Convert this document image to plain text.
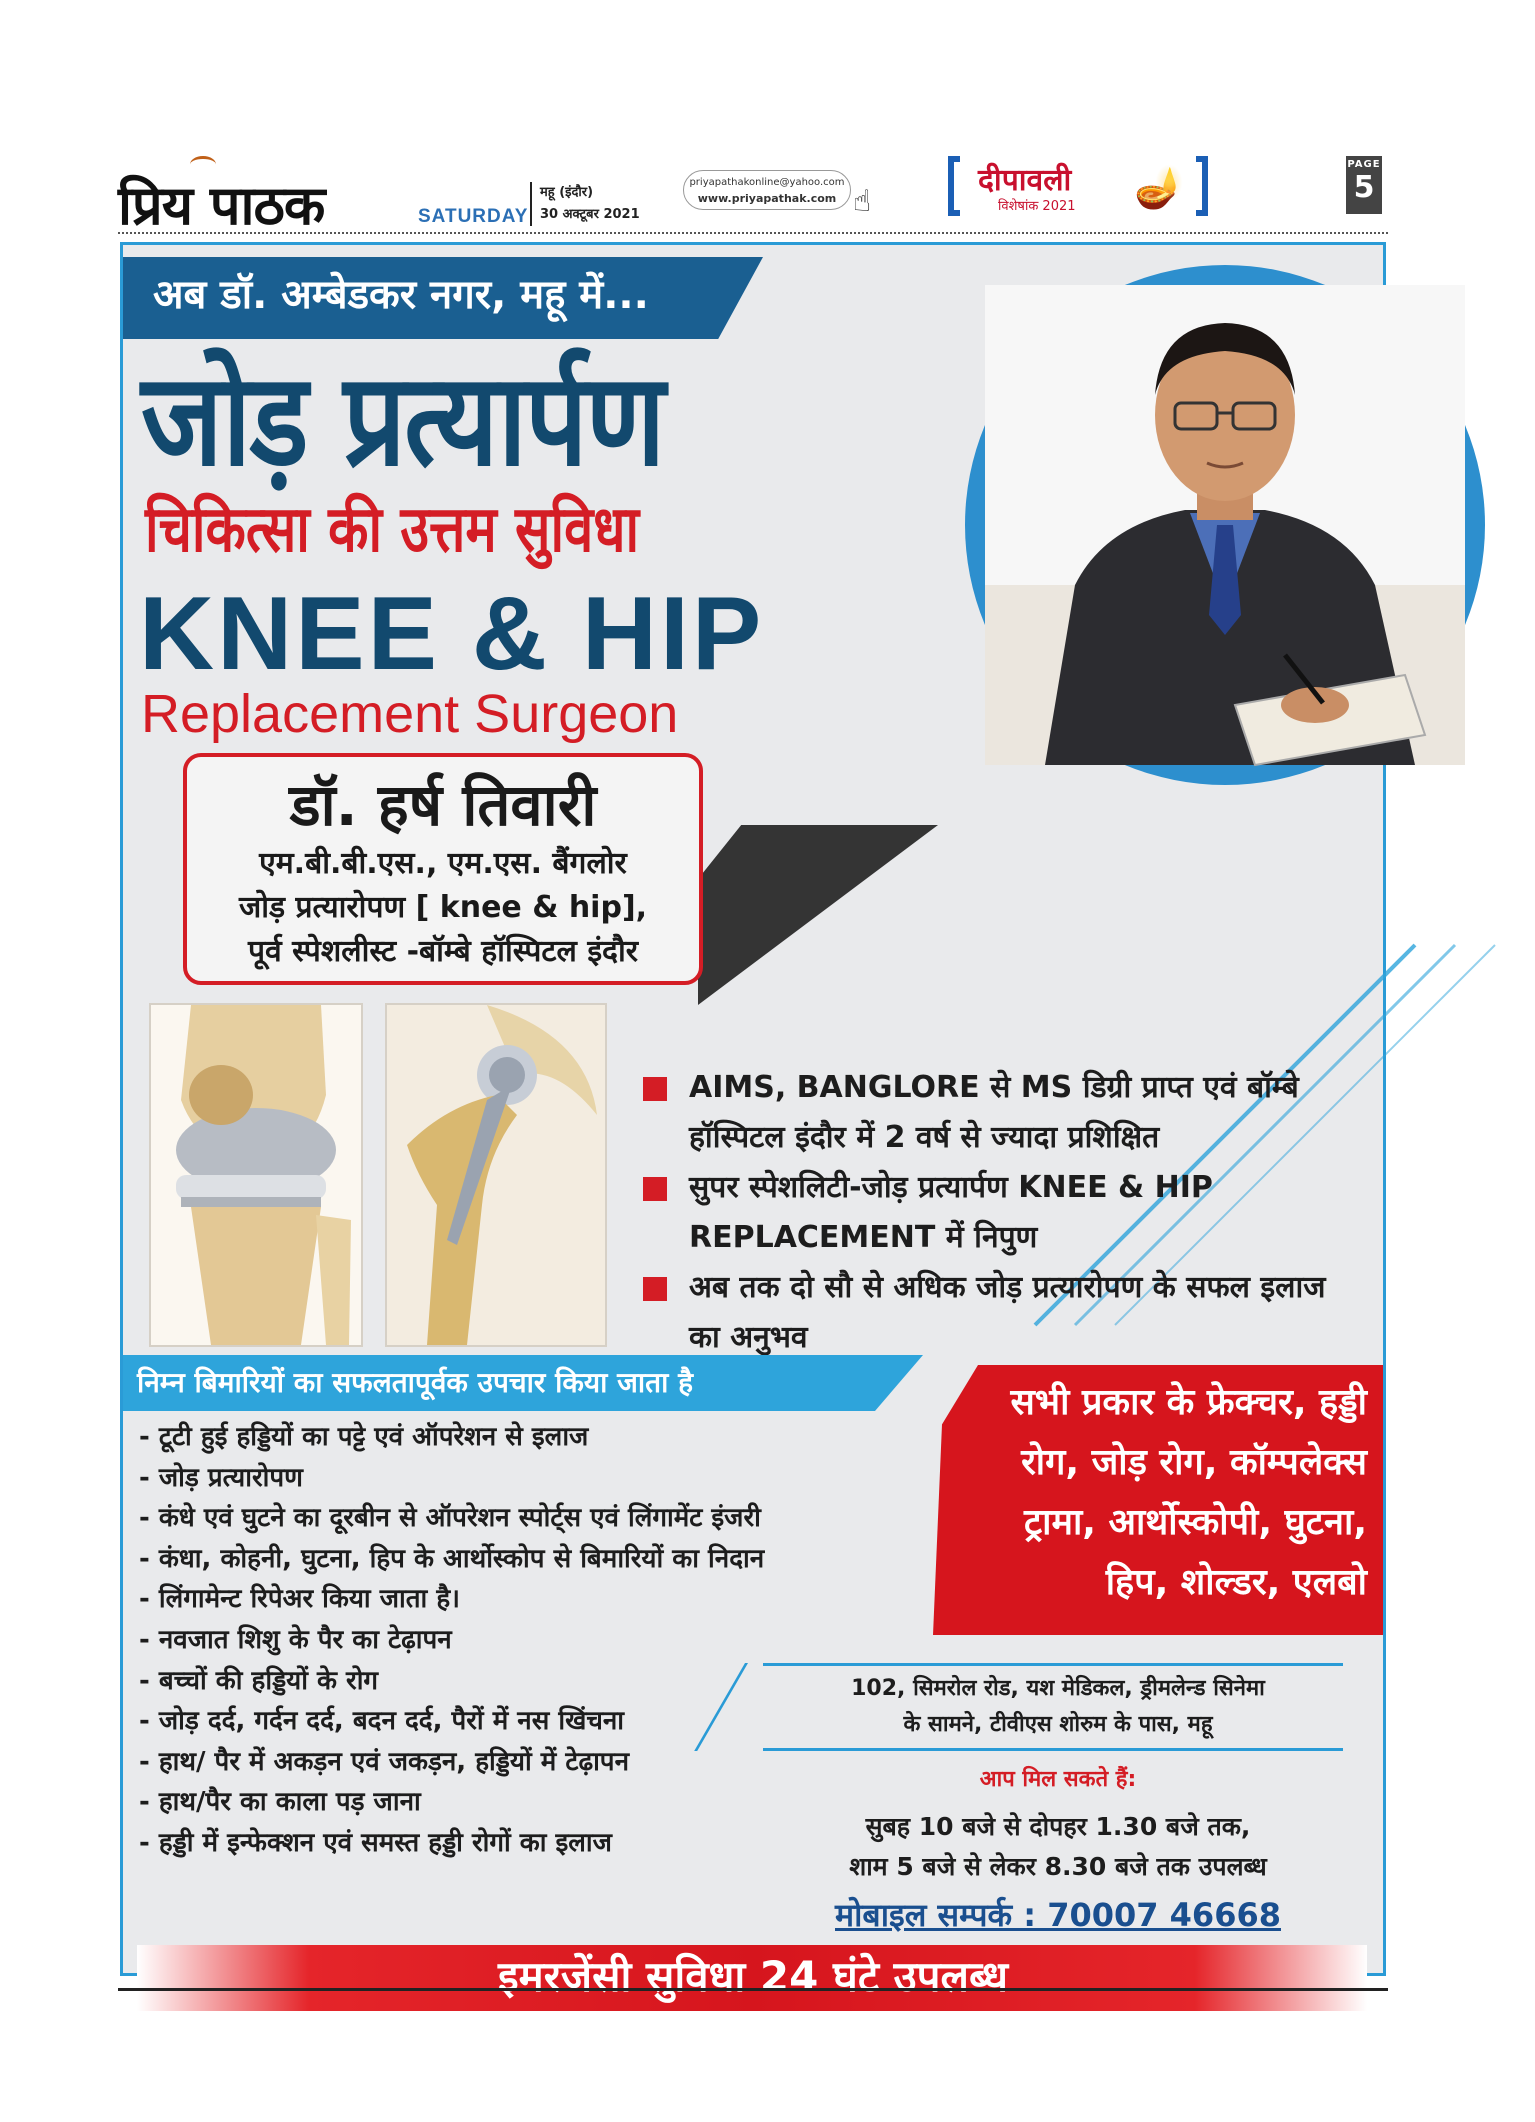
प्रिय पाठक	SATURDAY
महू (इंदौर)
30 अक्टूबर 2021
priyapathakonline@yahoo.com
www.priyapathak.com ☝
दीपावली
विशेषांक 2021 🪔
PAGE
5
अब डॉ. अम्बेडकर नगर, महू में...
जोड़ प्रत्यार्पण
चिकित्सा की उत्तम सुविधा
KNEE & HIP
Replacement Surgeon
डॉ. हर्ष तिवारी
एम.बी.बी.एस., एम.एस. बैंगलोर
जोड़ प्रत्यारोपण [ knee & hip],
पूर्व स्पेशलीस्ट -बॉम्बे हॉस्पिटल इंदौर
AIMS, BANGLORE से MS डिग्री प्राप्त एवं बॉम्बे हॉस्पिटल इंदौर में 2 वर्ष से ज्यादा प्रशिक्षित
सुपर स्पेशलिटी-जोड़ प्रत्यार्पण KNEE & HIP REPLACEMENT में निपुण
अब तक दो सौ से अधिक जोड़ प्रत्यारोपण के सफल इलाज का अनुभव
निम्न बिमारियों का सफलतापूर्वक उपचार किया जाता है
- टूटी हुई हड्डियों का पट्टे एवं ऑपरेशन से इलाज
- जोड़ प्रत्यारोपण
- कंधे एवं घुटने का दूरबीन से ऑपरेशन स्पोर्ट्स एवं लिंगामेंट इंजरी
- कंधा, कोहनी, घुटना, हिप के आर्थोस्कोप से बिमारियों का निदान
- लिंगामेन्ट रिपेअर किया जाता है।
- नवजात शिशु के पैर का टेढ़ापन
- बच्चों की हड्डियों के रोग
- जोड़ दर्द, गर्दन दर्द, बदन दर्द, पैरों में नस खिंचना
- हाथ/ पैर में अकड़न एवं जकड़न, हड्डियों में टेढ़ापन
- हाथ/पैर का काला पड़ जाना
- हड्डी में इन्फेक्शन एवं समस्त हड्डी रोगों का इलाज
सभी प्रकार के फ्रेक्चर, हड्डी
रोग, जोड़ रोग, कॉम्पलेक्स
ट्रामा, आर्थोस्कोपी, घुटना,
हिप, शोल्डर, एलबो
102, सिमरोल रोड, यश मेडिकल, ड्रीमलेन्ड सिनेमा
के सामने, टीवीएस शोरुम के पास, महू
आप मिल सकते हैं:
सुबह 10 बजे से दोपहर 1.30 बजे तक,
शाम 5 बजे से लेकर 8.30 बजे तक उपलब्ध
मोबाइल सम्पर्क : 70007 46668
इमरजेंसी सुविधा 24 घंटे उपलब्ध
